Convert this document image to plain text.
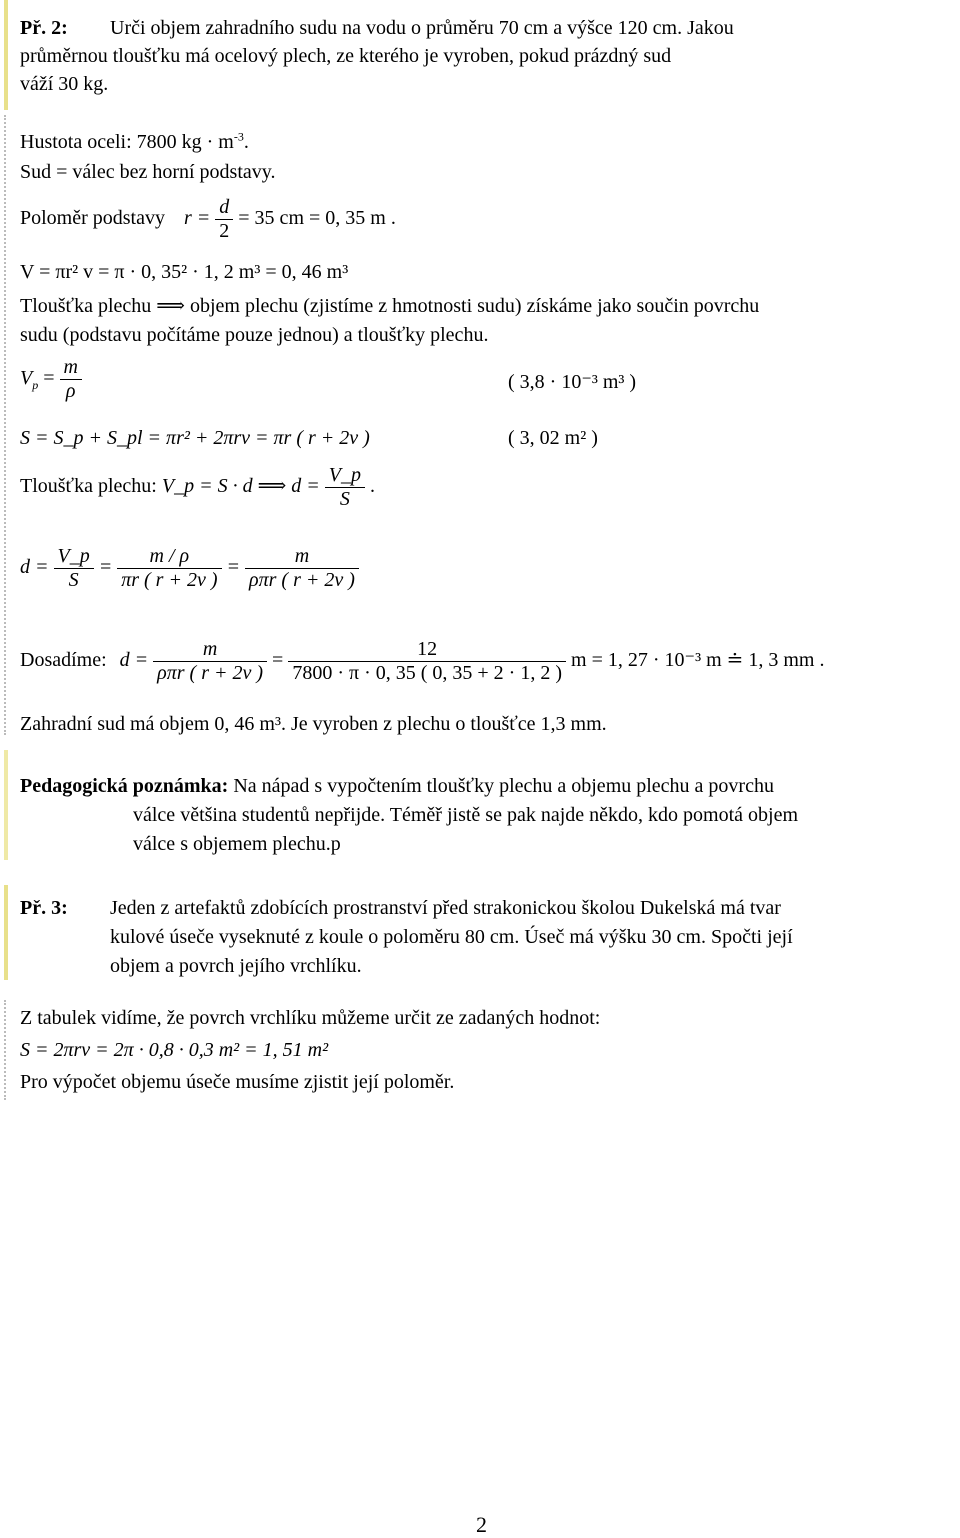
Př. 2: Urči objem zahradního sudu na vodu o průměru 70 cm a výšce 120 cm. Jakou
průměrnou tloušťku má ocelový plech, ze kterého je vyroben, pokud prázdný sud
váží 30 kg.
Hustota oceli: 7800 kg · $m^{-3}$.
Sud = válec bez horní podstavy.
Poloměr podstavy $r = \frac{d}{2} = 35$ cm = 0, 35 m .
V = πr² v = π · 0, 35² · 1, 2 m³ = 0, 46 m³
Tloušťka plechu ⟹ objem plechu (zjistíme z hmotnosti sudu) získáme jako součin povrchu
sudu (podstavu počítáme pouze jednou) a tloušťky plechu.
$V_p = \frac{m}{\rho}$	( 3,8 · 10⁻³ m³ )
S = S_p + S_pl = πr² + 2πrv = πr ( r + 2v )	( 3, 02 m² )
Tloušťka plechu: V_p = S · d ⟹ $d = \frac{V\_p}{S}$ .
$d = \frac{V\_p}{S} = \frac{m / \rho}{\pi r ( r + 2v )} = \frac{m}{\text{ρπr ( r + 2v )}}$
Dosadíme: $d = \frac{m}{\text{ρπr ( r + 2v )}} = \frac{12}{7800 \cdot \pi \cdot 0, 35 ( 0, 35 + 2 \cdot 1, 2 )}$ m = 1, 27 · 10⁻³ m ≐ 1, 3 mm .
Zahradní sud má objem 0, 46 m³. Je vyroben z plechu o tloušťce 1,3 mm.
Pedagogická poznámka: Na nápad s vypočtením tloušťky plechu a objemu plechu a povrchu
válce většina studentů nepřijde. Téměř jistě se pak najde někdo, kdo pomotá objem
válce s objemem plechu.p
Př. 3: Jeden z artefaktů zdobících prostranství před strakonickou školou Dukelská má tvar
kulové úseče vyseknuté z koule o poloměru 80 cm. Úseč má výšku 30 cm. Spočti její
objem a povrch jejího vrchlíku.
Z tabulek vidíme, že povrch vrchlíku můžeme určit ze zadaných hodnot:
S = 2πrv = 2π · 0,8 · 0,3 m² = 1, 51 m²
Pro výpočet objemu úseče musíme zjistit její poloměr.
2
